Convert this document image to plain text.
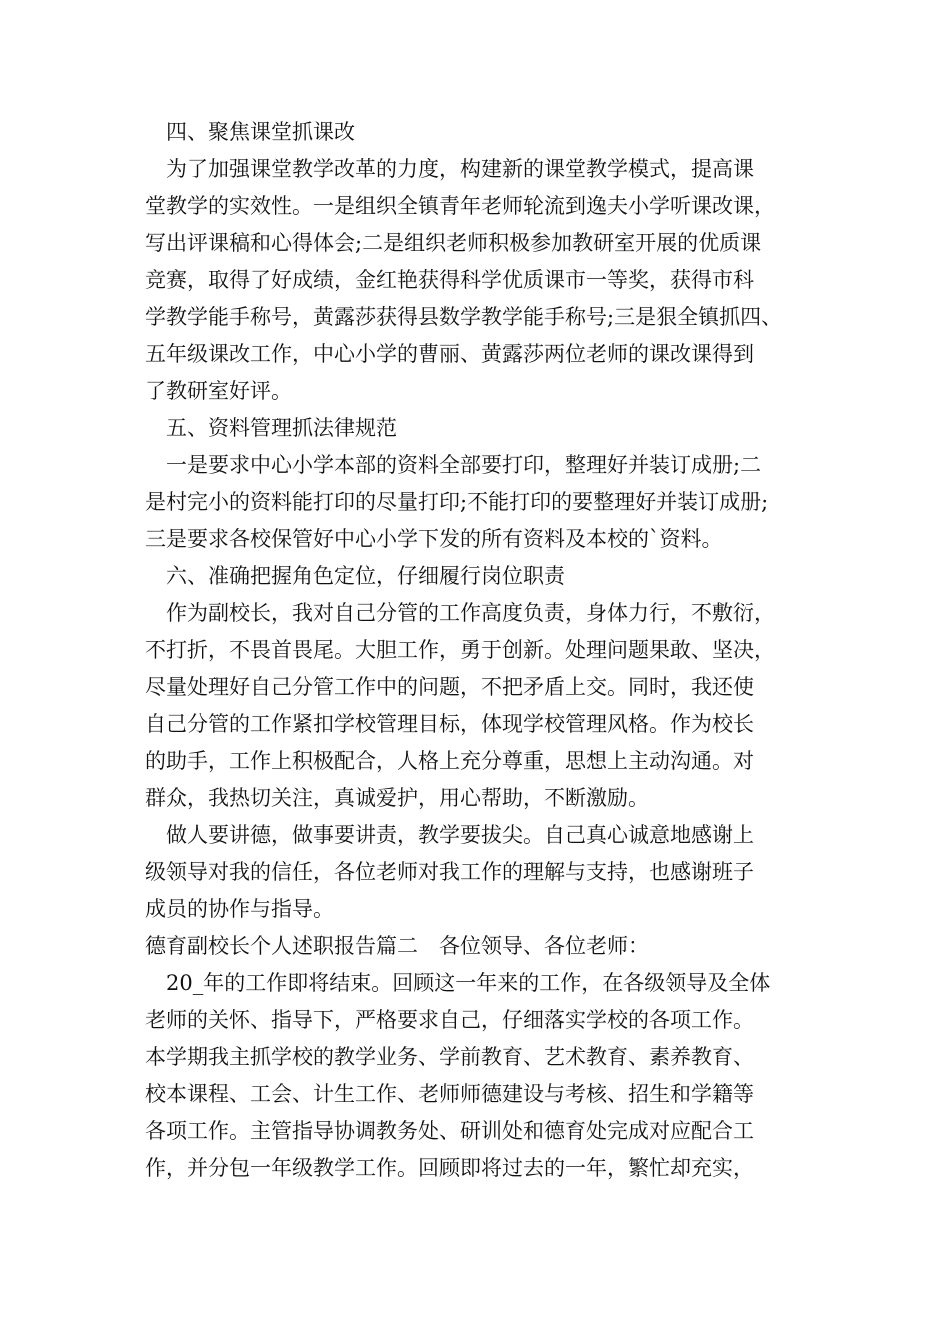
四、聚焦课堂抓课改
为了加强课堂教学改革的力度，构建新的课堂教学模式，提高课
堂教学的实效性。一是组织全镇青年老师轮流到逸夫小学听课改课，
写出评课稿和心得体会;二是组织老师积极参加教研室开展的优质课
竞赛，取得了好成绩，金红艳获得科学优质课市一等奖，获得市科
学教学能手称号，黄露莎获得县数学教学能手称号;三是狠全镇抓四、
五年级课改工作，中心小学的曹丽、黄露莎两位老师的课改课得到
了教研室好评。
五、资料管理抓法律规范
一是要求中心小学本部的资料全部要打印，整理好并装订成册;二
是村完小的资料能打印的尽量打印;不能打印的要整理好并装订成册;
三是要求各校保管好中心小学下发的所有资料及本校的`资料。
六、准确把握角色定位，仔细履行岗位职责
作为副校长，我对自己分管的工作高度负责，身体力行，不敷衍，
不打折，不畏首畏尾。大胆工作，勇于创新。处理问题果敢、坚决，
尽量处理好自己分管工作中的问题，不把矛盾上交。同时，我还使
自己分管的工作紧扣学校管理目标，体现学校管理风格。作为校长
的助手，工作上积极配合，人格上充分尊重，思想上主动沟通。对
群众，我热切关注，真诚爱护，用心帮助，不断激励。
做人要讲德，做事要讲责，教学要拔尖。自己真心诚意地感谢上
级领导对我的信任，各位老师对我工作的理解与支持，也感谢班子
成员的协作与指导。
德育副校长个人述职报告篇二　各位领导、各位老师：
20_年的工作即将结束。回顾这一年来的工作，在各级领导及全体
老师的关怀、指导下，严格要求自己，仔细落实学校的各项工作。
本学期我主抓学校的教学业务、学前教育、艺术教育、素养教育、
校本课程、工会、计生工作、老师师德建设与考核、招生和学籍等
各项工作。主管指导协调教务处、研训处和德育处完成对应配合工
作，并分包一年级教学工作。回顾即将过去的一年，繁忙却充实，
